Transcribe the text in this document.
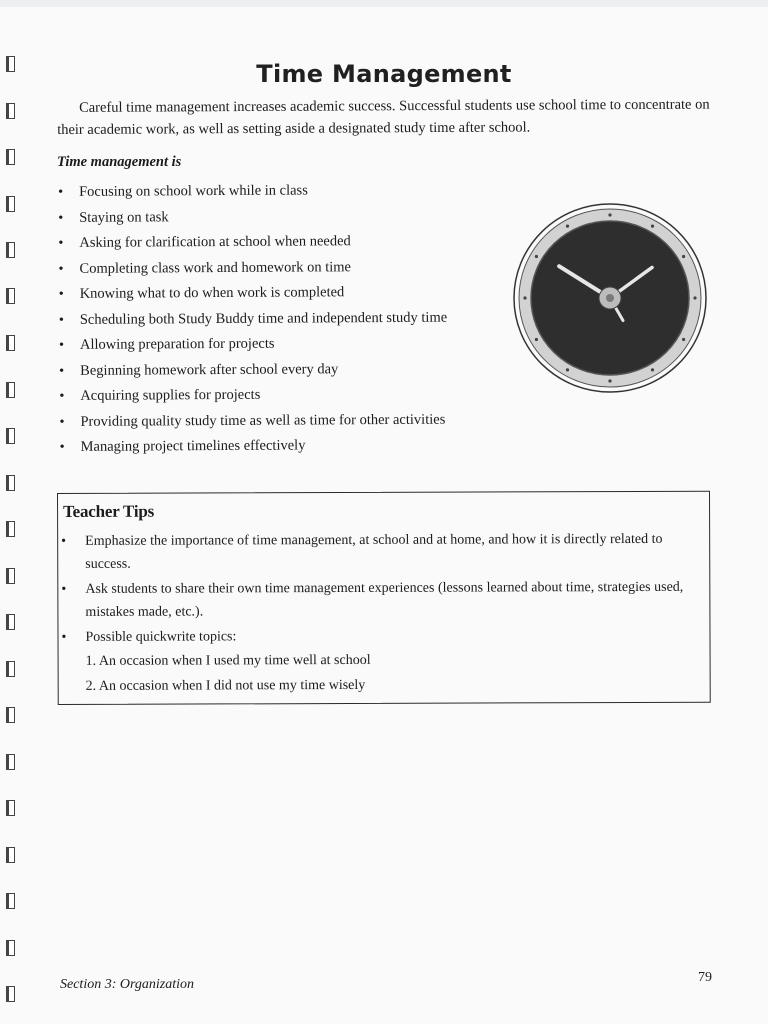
Time Management
Careful time management increases academic success. Successful students use school time to concentrate on their academic work, as well as setting aside a designated study time after school.
Time management is
• Focusing on school work while in class
• Staying on task
• Asking for clarification at school when needed
• Completing class work and homework on time
• Knowing what to do when work is completed
• Scheduling both Study Buddy time and independent study time
• Allowing preparation for projects
• Beginning homework after school every day
• Acquiring supplies for projects
• Providing quality study time as well as time for other activities
• Managing project timelines effectively
Teacher Tips
• Emphasize the importance of time management, at school and at home, and how it is directly related to success.
• Ask students to share their own time management experiences (lessons learned about time, strategies used, mistakes made, etc.).
• Possible quickwrite topics:
1. An occasion when I used my time well at school
2. An occasion when I did not use my time wisely
Section 3: Organization	79
